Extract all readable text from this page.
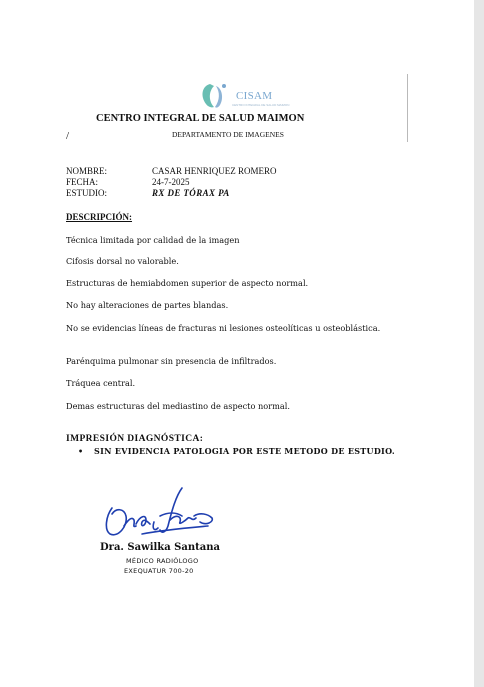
CISAM
CENTRO INTEGRAL DE SALUD MAIMON
CENTRO INTEGRAL DE SALUD MAIMON
/	DEPARTAMENTO DE IMAGENES
NOMBRE:	CASAR HENRIQUEZ ROMERO
FECHA:	24-7-2025
ESTUDIO:	RX DE TÓRAX PA
DESCRIPCIÓN:
Técnica limitada por calidad de la imagen
Cifosis dorsal no valorable.
Estructuras de hemiabdomen superior de aspecto normal.
No hay alteraciones de partes blandas.
No se evidencias líneas de fracturas ni lesiones osteolíticas u osteoblástica.
Parénquima pulmonar sin presencia de infiltrados.
Tráquea central.
Demas estructuras del mediastino de aspecto normal.
IMPRESIÓN DIAGNÓSTICA:
• SIN EVIDENCIA PATOLOGIA POR ESTE METODO DE ESTUDIO.
Dra. Sawilka Santana
MÉDICO RADIÓLOGO
EXEQUATUR 700-20
